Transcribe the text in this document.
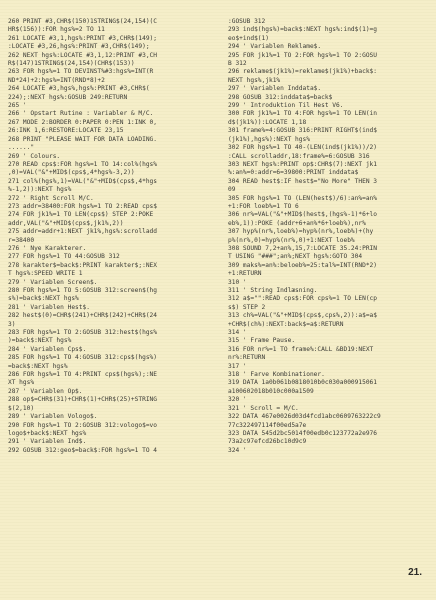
260 PRINT #3,CHR$(150)1STRING$(24,154)(C
HR$(156)):FOR hgs%=2 TO 11
261 LOCATE #3,1,hgs%:PRINT #3,CHR$(149);
:LOCATE #3,26,hgs%:PRINT #3,CHR$(149);
262 NEXT hgs%:LOCATE #3,1,12:PRINT #3,CH
R$(147)1STRING$(24,154)(CHR$(153))
263 FOR hgs%=1 TO DEVINST%#3:hgs%=INT(R
ND*24)+2:hgs%=INT(RND*8)+2
264 LOCATE #3,hgs%,hgs%:PRINT #3,CHR$(
224);:NEXT hgs%:GOSUB 249:RETURN
265 '
266 ' Opstart Rutine : Variabler & M/C.
267 MODE 2:BORDER 0:PAPER 0:PEN 1:INK 0,
26:INK 1,6:RESTORE:LOCATE 23,15
268 PRINT "PLEASE WAIT FOR DATA LOADING.
......"
269 ' Colours.
270 READ cps$:FOR hgs%=1 TO 14:col%(hgs%
,0)=VAL("&"+MID$(cps$,4*hgs%-3,2))
271 col%(hgs%,1)=VAL("&"+MID$(cps$,4*hgs
%-1,2)):NEXT hgs%
272 ' Right Scroll M/C.
273 addr=38400:FOR hgs%=1 TO 2:READ cps$
274 FOR jk1%=1 TO LEN(cps$) STEP 2:POKE
addr,VAL("&"+MID$(cps$,jk1%,2))
275 addr=addr+1:NEXT jk1%,hgs%:scrolladd
r=38400
276 ' Nye Karakterer.
277 FOR hgs%=1 TO 44:GOSUB 312
278 karakter$=back$:PRINT karakter$;:NEX
T hgs%:SPEED WRITE 1
279 ' Variablen Screen$.
280 FOR hgs%=1 TO 5:GOSUB 312:screen$(hg
s%)=back$:NEXT hgs%
281 ' Variablen Hest$.
282 hest$(0)=CHR$(241)+CHR$(242)+CHR$(24
3)
283 FOR hgs%=1 TO 2:GOSUB 312:hest$(hgs%
)=back$:NEXT hgs%
284 ' Variablen Cps$.
285 FOR hgs%=1 TO 4:GOSUB 312:cps$(hgs%)
=back$:NEXT hgs%
286 FOR hgs%=1 TO 4:PRINT cps$(hgs%);:NE
XT hgs%
287 ' Variablen Op$.
288 op$=CHR$(31)+CHR$(1)+CHR$(25)+STRING
$(2,10)
289 ' Variablen Vologo$.
290 FOR hgs%=1 TO 2:GOSUB 312:vologo$=vo
logo$+back$:NEXT hgs%
291 ' Variablen Ind$.
292 GOSUB 312:geo$=back$:FOR hgs%=1 TO 4
:GOSUB 312
293 ind$(hgs%)=back$:NEXT hgs%:ind$(1)=g
eo$+ind$(1)
294 ' Variablen Reklame$.
295 FOR jk1%=1 TO 2:FOR hgs%=1 TO 2:GOSU
B 312
296 reklame$(jk1%)=reklame$(jk1%)+back$:
NEXT hgs%,jk1%
297 ' Variablen Inddata$.
298 GOSUB 312:inddata$=back$
299 ' Introduktion Til Hest V6.
300 FOR jk1%=1 TO 4:FOR hgs%=1 TO LEN(in
d$(jk1%)):LOCATE 1,18
301 frame%=4:GOSUB 316:PRINT RIGHT$(ind$
(jk1%),hgs%):NEXT hgs%
302 FOR hgs%=1 TO 40-(LEN(ind$(jk1%))/2)
:CALL scrolladdr,18:frame%=6:GOSUB 316
303 NEXT hgs%:PRINT op$:CHR$(7):NEXT jk1
%:an%=0:addr=6=39800:PRINT inddata$
304 READ hest$:IF hest$="No More" THEN 3
09
305 FOR hgs%=1 TO (LEN(hest$)/6):an%=an%
+1:FOR loeb%=1 TO 6
306 nr%=VAL("&"+MID$(hest$,(hgs%-1)*6+lo
eb%,1)):POKE (addr+6+an%*6+loeb%),nr%
307 hyp%(nr%,loeb%)=hyp%(nr%,loeb%)+(hy
p%(nr%,0)=hyp%(nr%,0)+1:NEXT loeb%
308 SOUND 7,2+an%,15,7:LOCATE 35.24:PRIN
T USING "###";an%;NEXT hgs%:GOTO 304
309 maks%=an%:beloeb%=25:tal%=INT(RND*2)
+1:RETURN
310 '
311 ' String Indlæsning.
312 a$="":READ cps$:FOR cps%=1 TO LEN(cp
s$) STEP 2
313 ch%=VAL("&"+MID$(cps$,cps%,2)):a$=a$
+CHR$(ch%):NEXT:back$=a$:RETURN
314 '
315 ' Frame Pause.
316 FOR nr%=1 TO frame%:CALL &BD19:NEXT
nr%:RETURN
317 '
318 ' Farve Kombinationer.
319 DATA 1a0b061b0818010b0c030a000915061
a100602018b010c000a1509
320 '
321 ' Scroll = M/C.
322 DATA 467e0026d03d4fcd1abc0609763222c9
77c322497114f00ed5a7e
323 DATA 545d2bc5014f00edb0c123772a2e976
73a2c97efcd26bc10d9c9
324 '
21.
